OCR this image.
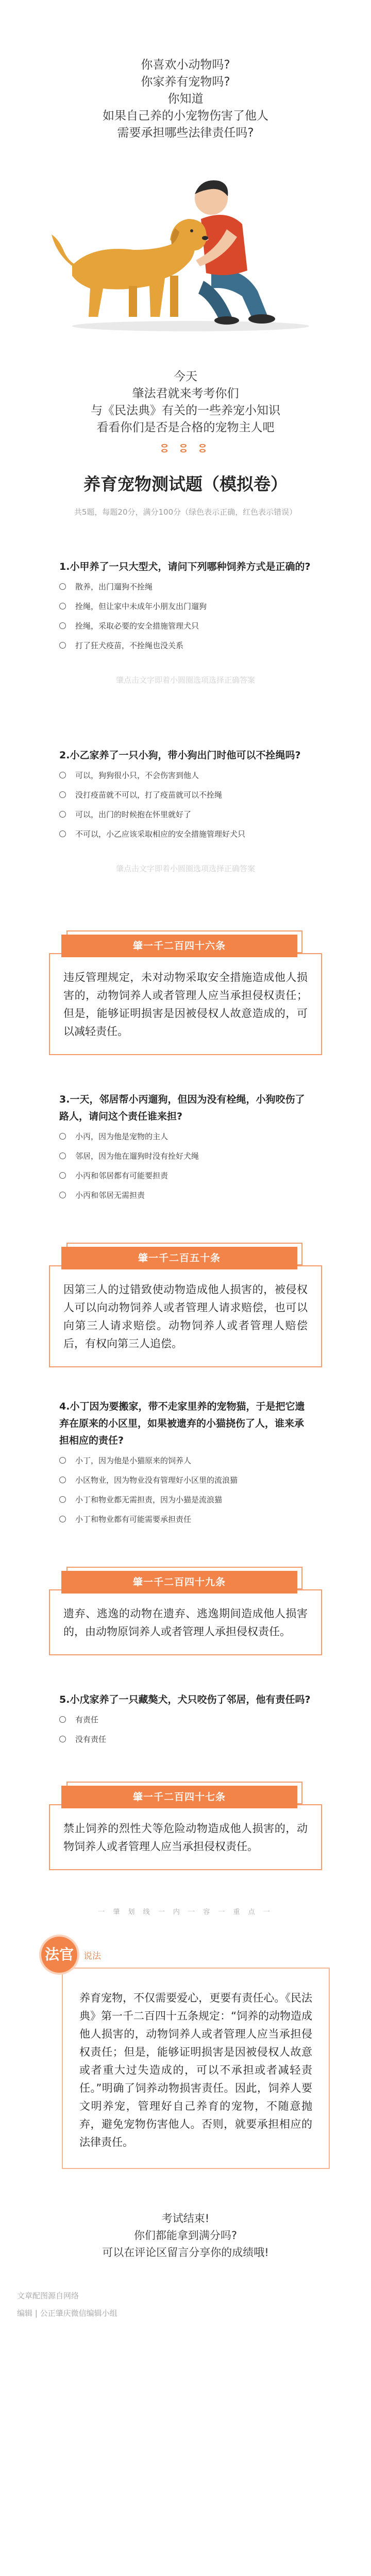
你喜欢小动物吗?

你家养有宠物吗?

你知道

如果自己养的小宠物伤害了他人

需要承担哪些法律责任吗?

今天

肇法君就来考考你们

与《民法典》有关的一些养宠小知识

看看你们是否是合格的宠物主人吧

ⵓ ⵓ ⵓ
养育宠物测试题（模拟卷）
共5题，每题20分，满分100分（绿色表示正确，红色表示错误）
1.小甲养了一只大型犬，请问下列哪种饲养方式是正确的?
散养，出门遛狗不拴绳
拴绳，但让家中未成年小朋友出门遛狗
拴绳，采取必要的安全措施管理犬只
打了狂犬疫苗，不拴绳也没关系
肇点击文字即着小圆圈选项选择正确答案
2.小乙家养了一只小狗，带小狗出门时他可以不拴绳吗?
可以，狗狗很小只，不会伤害到他人
没打疫苗就不可以，打了疫苗就可以不拴绳
可以，出门的时候抱在怀里就好了
不可以，小乙应该采取相应的安全措施管理好犬只
肇点击文字即着小圆圈选项选择正确答案
肇一千二百四十六条

违反管理规定，未对动物采取安全措施造成他人损害的，动物饲养人或者管理人应当承担侵权责任；但是，能够证明损害是因被侵权人故意造成的，可以减轻责任。

3.一天，邻居帮小丙遛狗，但因为没有栓绳，小狗咬伤了路人，请问这个责任谁来担?
小丙，因为他是宠物的主人
邻居，因为他在遛狗时没有拴好犬绳
小丙和邻居都有可能要担责
小丙和邻居无需担责
肇一千二百五十条

因第三人的过错致使动物造成他人损害的，被侵权人可以向动物饲养人或者管理人请求赔偿，也可以向第三人请求赔偿。动物饲养人或者管理人赔偿后，有权向第三人追偿。

4.小丁因为要搬家，带不走家里养的宠物猫，于是把它遗弃在原来的小区里，如果被遗弃的小猫挠伤了人，谁来承担相应的责任?
小丁，因为他是小猫原来的饲养人
小区物业，因为物业没有管理好小区里的流浪猫
小丁和物业都无需担责，因为小猫是流浪猫
小丁和物业都有可能需要承担责任
肇一千二百四十九条

遗弃、逃逸的动物在遗弃、逃逸期间造成他人损害的，由动物原饲养人或者管理人承担侵权责任。

5.小戊家养了一只藏獒犬，犬只咬伤了邻居，他有责任吗?
有责任
没有责任
肇一千二百四十七条

禁止饲养的烈性犬等危险动物造成他人损害的，动物饲养人或者管理人应当承担侵权责任。

一 肇 划 线 一 内 一 容 一 重 点 一
法官	说法

养育宠物，不仅需要爱心，更要有责任心。《民法典》第一千二百四十五条规定：“饲养的动物造成他人损害的，动物饲养人或者管理人应当承担侵权责任；但是，能够证明损害是因被侵权人故意或者重大过失造成的，可以不承担或者减轻责任。”明确了饲养动物损害责任。因此，饲养人要文明养宠，管理好自己养育的宠物，不随意抛弃，避免宠物伤害他人。否则，就要承担相应的法律责任。

考试结束!

你们都能拿到满分吗?

可以在评论区留言分享你的成绩哦!

文章配图源自网络
编辑 | 公正肇庆微信编辑小组
